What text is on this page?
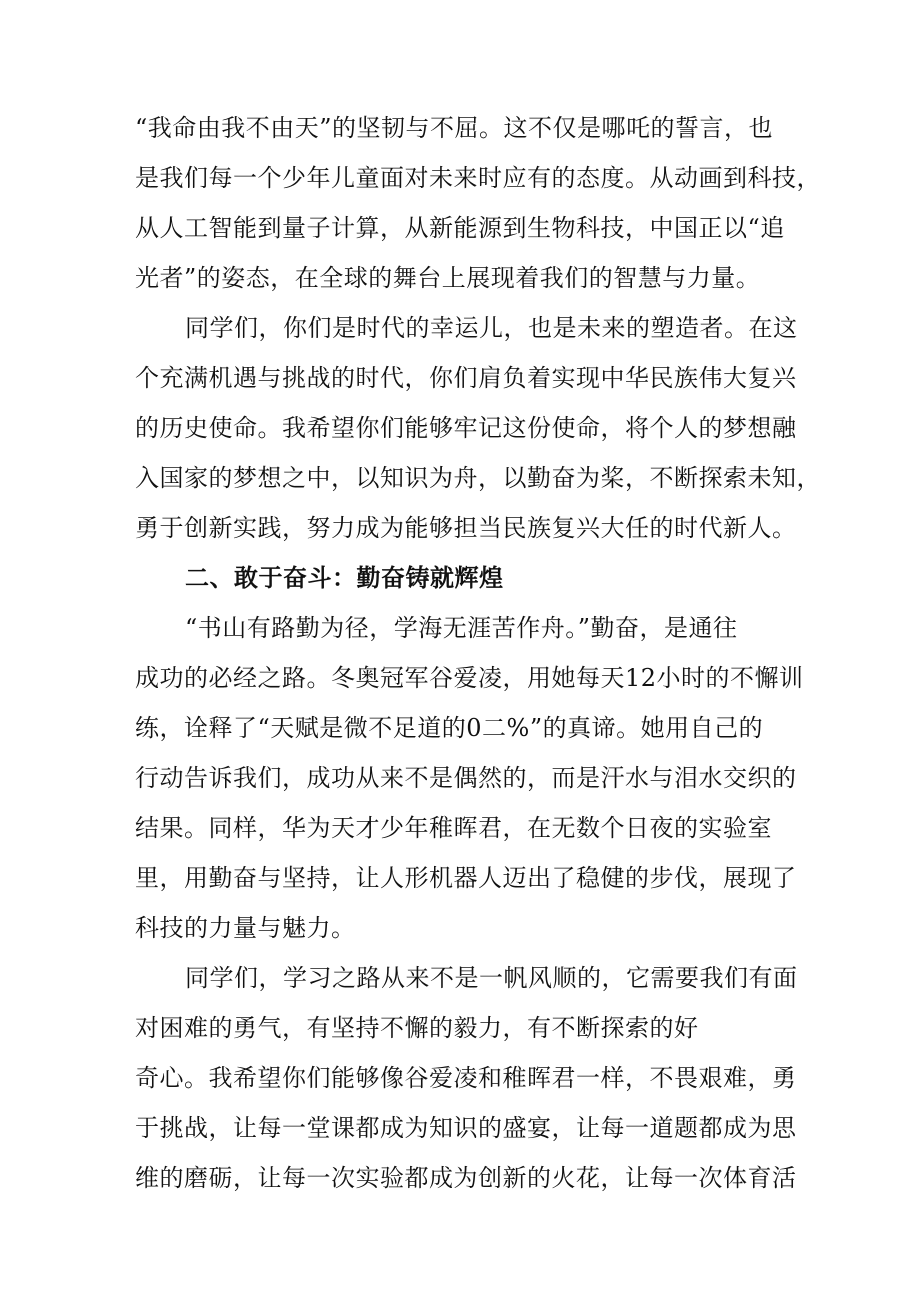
“我命由我不由天”的坚韧与不屈。这不仅是哪吒的誓言，也
是我们每一个少年儿童面对未来时应有的态度。从动画到科技，
从人工智能到量子计算，从新能源到生物科技，中国正以“追
光者”的姿态，在全球的舞台上展现着我们的智慧与力量。
同学们，你们是时代的幸运儿，也是未来的塑造者。在这
个充满机遇与挑战的时代，你们肩负着实现中华民族伟大复兴
的历史使命。我希望你们能够牢记这份使命，将个人的梦想融
入国家的梦想之中，以知识为舟，以勤奋为桨，不断探索未知，
勇于创新实践，努力成为能够担当民族复兴大任的时代新人。
二、敢于奋斗：勤奋铸就辉煌
“书山有路勤为径，学海无涯苦作舟。”勤奋，是通往
成功的必经之路。冬奥冠军谷爱凌，用她每天12小时的不懈训
练，诠释了“天赋是微不足道的0二%”的真谛。她用自己的
行动告诉我们，成功从来不是偶然的，而是汗水与泪水交织的
结果。同样，华为天才少年稚晖君，在无数个日夜的实验室
里，用勤奋与坚持，让人形机器人迈出了稳健的步伐，展现了
科技的力量与魅力。
同学们，学习之路从来不是一帆风顺的，它需要我们有面
对困难的勇气，有坚持不懈的毅力，有不断探索的好
奇心。我希望你们能够像谷爱凌和稚晖君一样，不畏艰难，勇
于挑战，让每一堂课都成为知识的盛宴，让每一道题都成为思
维的磨砺，让每一次实验都成为创新的火花，让每一次体育活
